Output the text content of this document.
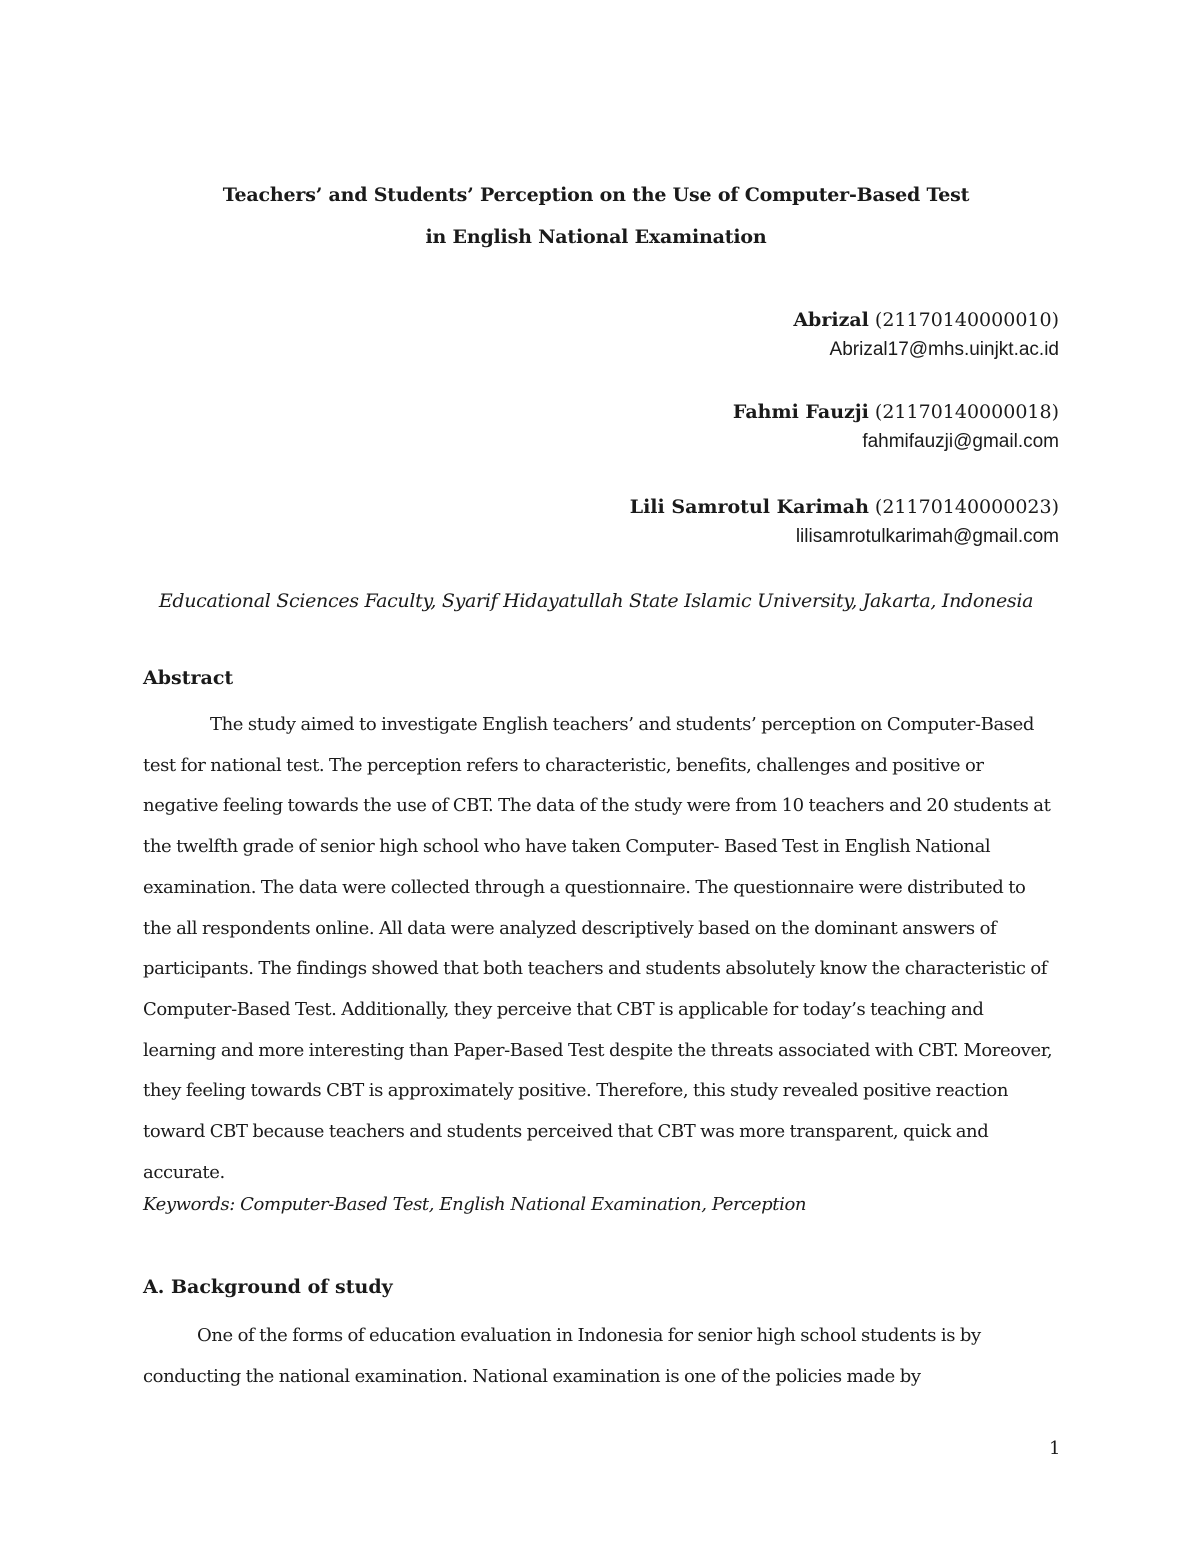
Teachers’ and Students’ Perception on the Use of Computer-Based Test
in English National Examination
Abrizal (21170140000010)
Abrizal17@mhs.uinjkt.ac.id
Fahmi Fauzji (21170140000018)
fahmifauzji@gmail.com
Lili Samrotul Karimah (21170140000023)
lilisamrotulkarimah@gmail.com
Educational Sciences Faculty, Syarif Hidayatullah State Islamic University, Jakarta, Indonesia
Abstract
The study aimed to investigate English teachers’ and students’ perception on Computer-Based test for national test. The perception refers to characteristic, benefits, challenges and positive or negative feeling towards the use of CBT. The data of the study were from 10 teachers and 20 students at the twelfth grade of senior high school who have taken Computer- Based Test in English National examination. The data were collected through a questionnaire. The questionnaire were distributed to the all respondents online. All data were analyzed descriptively based on the dominant answers of participants. The findings showed that both teachers and students absolutely know the characteristic of Computer-Based Test. Additionally, they perceive that CBT is applicable for today’s teaching and learning and more interesting than Paper-Based Test despite the threats associated with CBT. Moreover, they feeling towards CBT is approximately positive. Therefore, this study revealed positive reaction toward CBT because teachers and students perceived that CBT was more transparent, quick and accurate.
Keywords: Computer-Based Test, English National Examination, Perception
A. Background of study
One of the forms of education evaluation in Indonesia for senior high school students is by conducting the national examination. National examination is one of the policies made by
1
